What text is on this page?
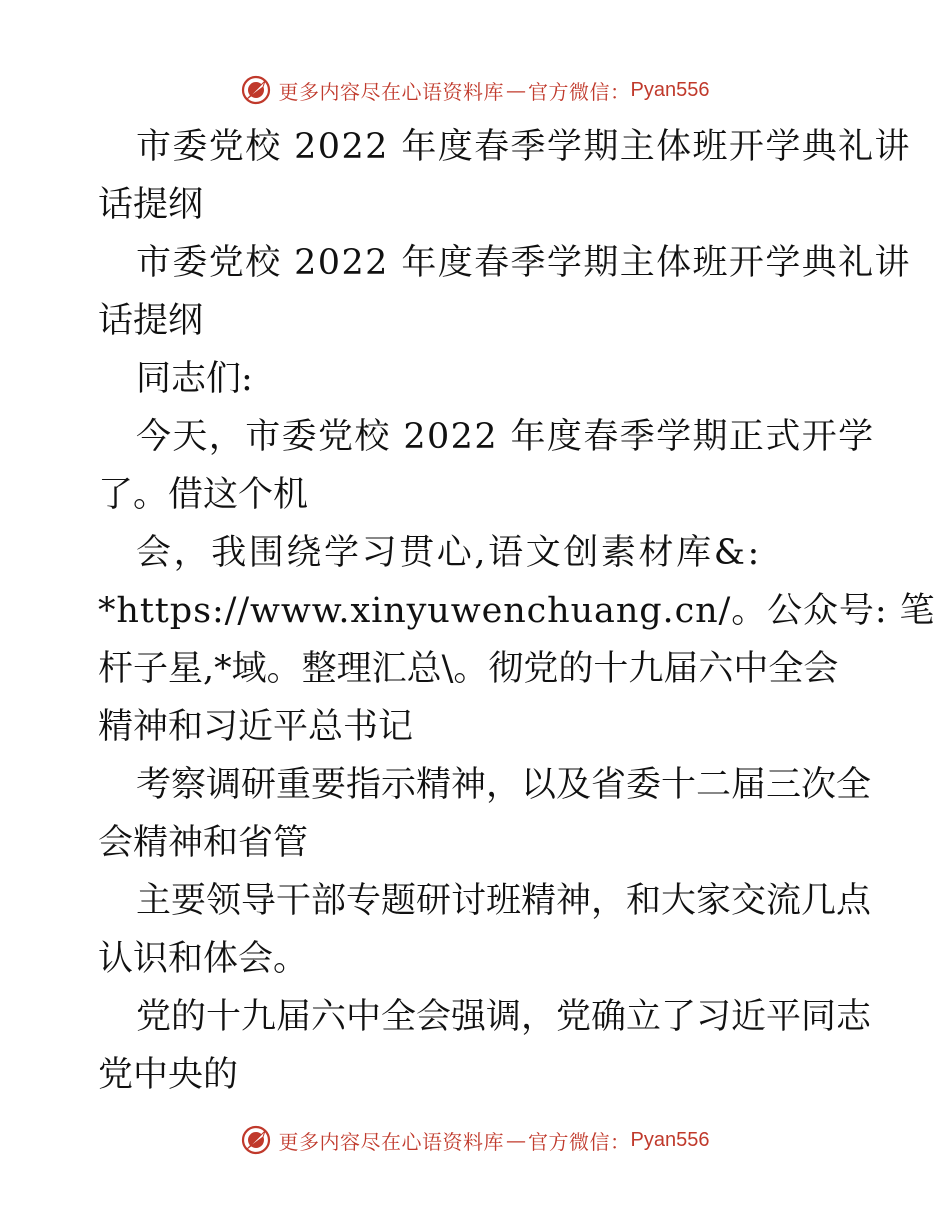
更多内容尽在心语资料库 — 官方微信： Pyan556

市委党校 2022 年度春季学期主体班开学典礼讲

话提纲

市委党校 2022 年度春季学期主体班开学典礼讲

话提纲

同志们:

今天，市委党校 2022 年度春季学期正式开学

了。借这个机

会，我围绕学习贯心,语文创素材库&:

*https://www.xinyuwenchuang.cn/。公众号: 笔

杆子星,*域。整理汇总\。彻党的十九届六中全会

精神和习近平总书记

考察调研重要指示精神，以及省委十二届三次全

会精神和省管

主要领导干部专题研讨班精神，和大家交流几点

认识和体会。

党的十九届六中全会强调，党确立了习近平同志

党中央的

更多内容尽在心语资料库 — 官方微信： Pyan556
